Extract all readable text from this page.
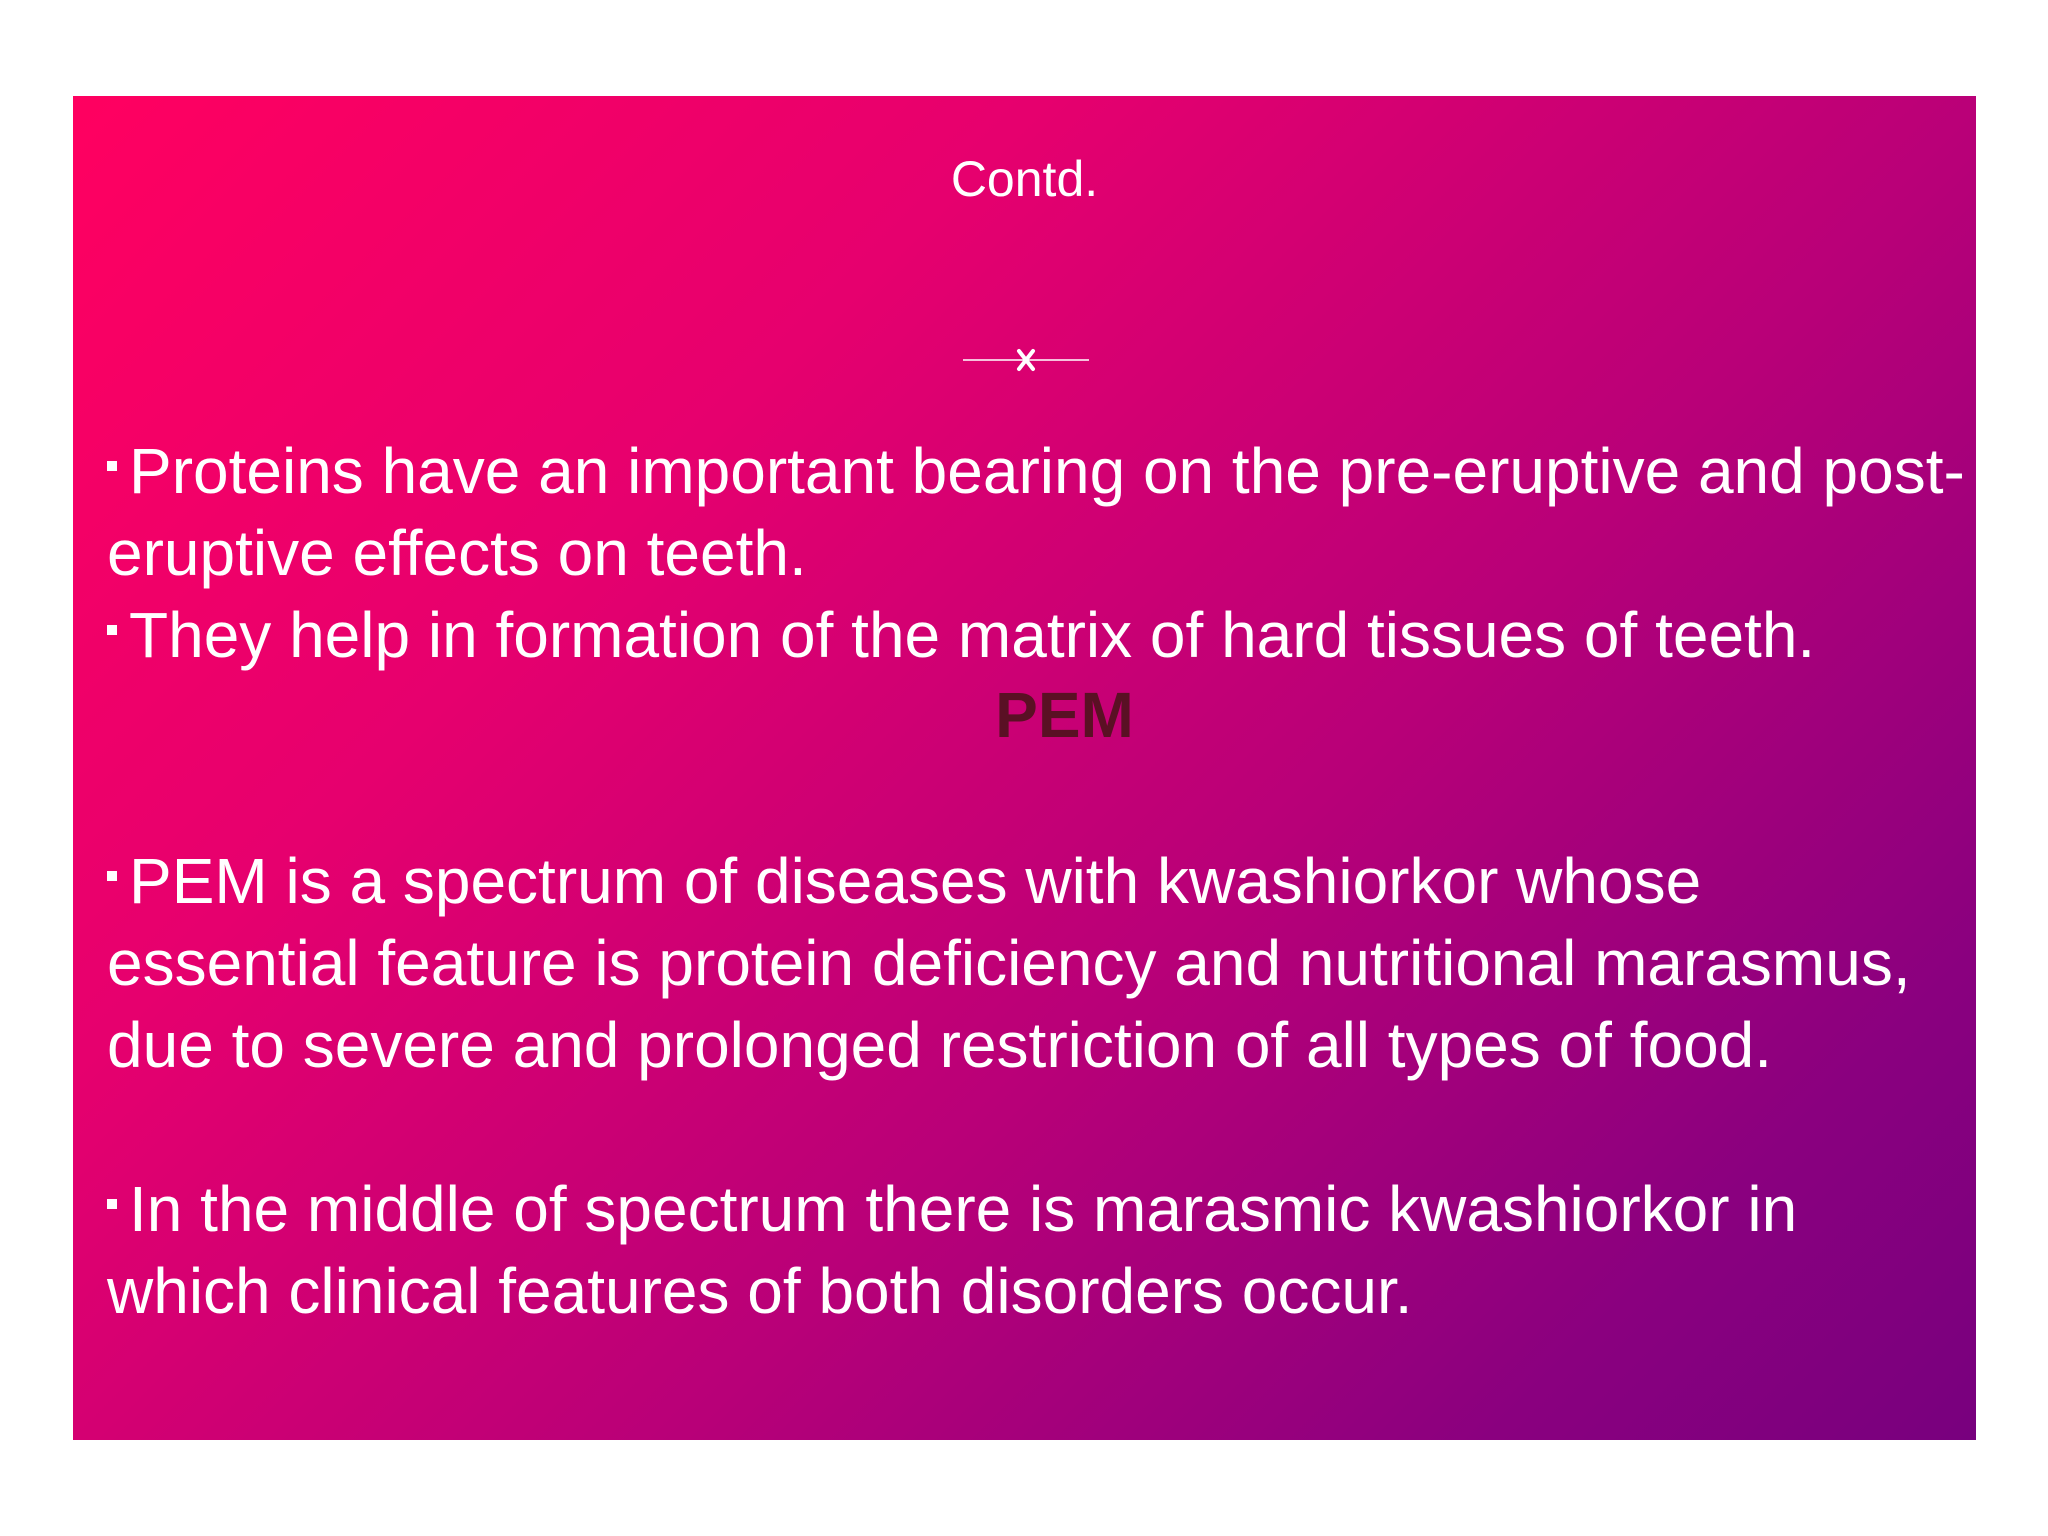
Contd.

Proteins have an important bearing on the pre-eruptive and post-eruptive effects on teeth.

They help in formation of the matrix of hard tissues of teeth.

PEM

PEM is a spectrum of diseases with kwashiorkor whose essential feature is protein deficiency and nutritional marasmus, due to severe and prolonged restriction of all types of food.

In the middle of spectrum there is marasmic kwashiorkor in which clinical features of both disorders occur.
